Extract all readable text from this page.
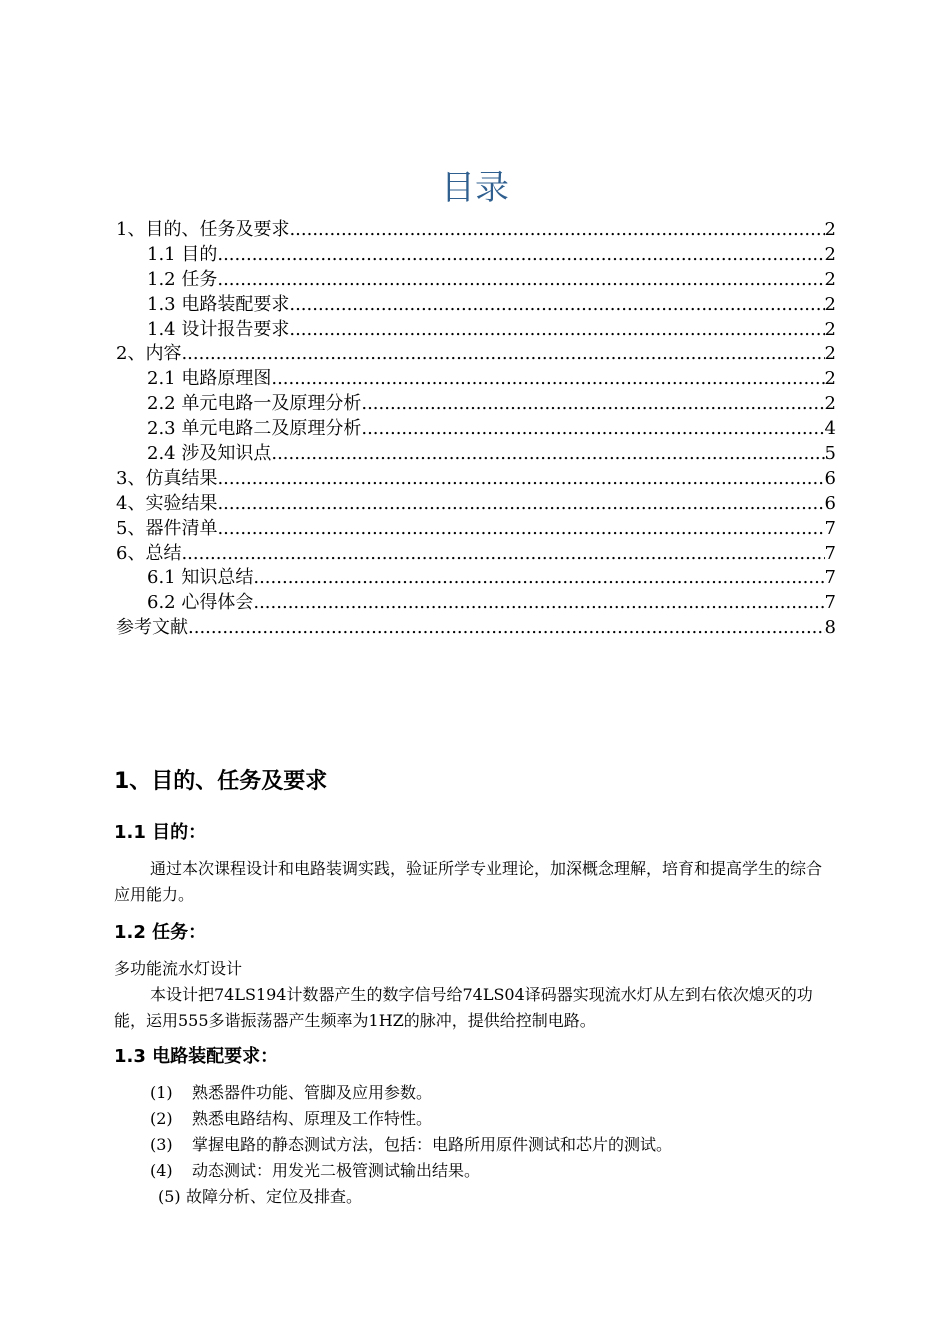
目录
1、目的、任务及要求 .....	2
1.1 目的 .....	2
1.2 任务 .....	2
1.3 电路装配要求 .....	2
1.4 设计报告要求 .....	2
2、内容 .....	2
2.1 电路原理图 .....	2
2.2 单元电路一及原理分析 .....	2
2.3 单元电路二及原理分析 .....	4
2.4 涉及知识点 .....	5
3、仿真结果 .....	6
4、实验结果 .....	6
5、器件清单 .....	7
6、总结 .....	7
6.1 知识总结 .....	7
6.2 心得体会 .....	7
参考文献 .....	8
1、目的、任务及要求
1.1 目的：
通过本次课程设计和电路装调实践，验证所学专业理论，加深概念理解，培育和提高学生的综合应用能力。
1.2 任务：
多功能流水灯设计
本设计把74LS194计数器产生的数字信号给74LS04译码器实现流水灯从左到右依次熄灭的功能，运用555多谐振荡器产生频率为1HZ的脉冲，提供给控制电路。
1.3 电路装配要求：
(1) 熟悉器件功能、管脚及应用参数。
(2) 熟悉电路结构、原理及工作特性。
(3) 掌握电路的静态测试方法，包括：电路所用原件测试和芯片的测试。
(4) 动态测试：用发光二极管测试输出结果。
(5) 故障分析、定位及排查。
